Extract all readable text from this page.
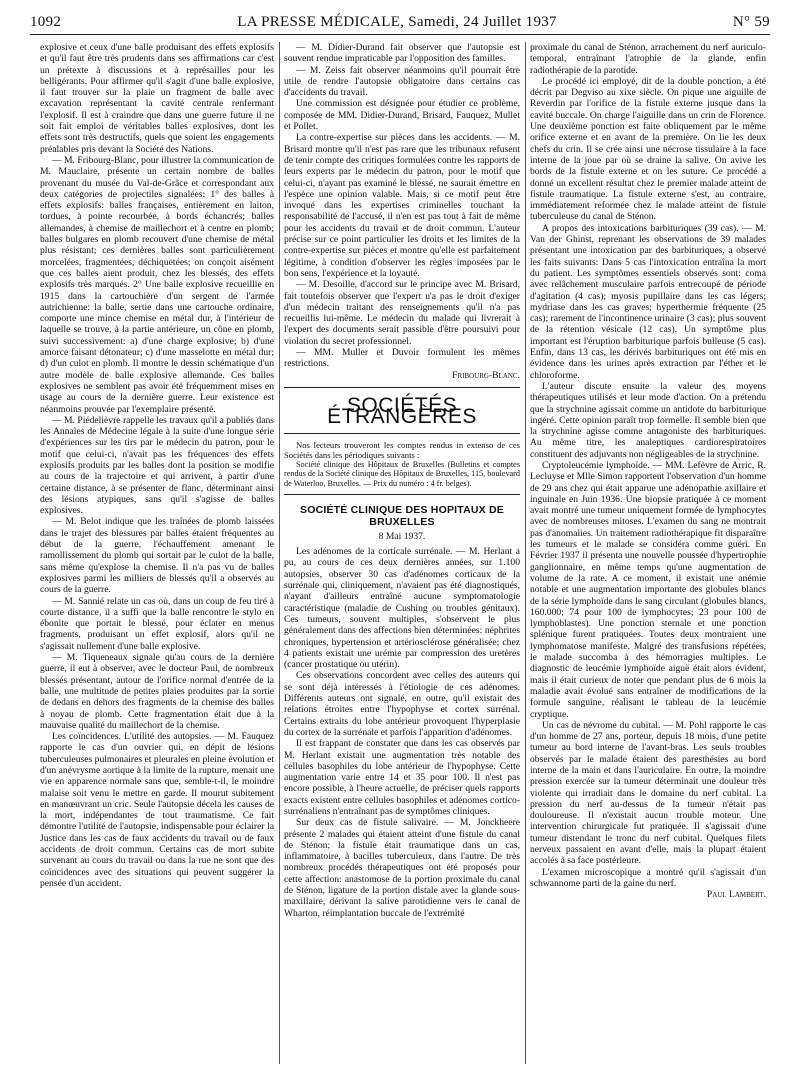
1092	LA PRESSE MÉDICALE, Samedi, 24 Juillet 1937	N° 59

explosive et ceux d'une balle produisant des effets explosifs et qu'il faut être très prudents dans ses affirmations car c'est un prétexte à discussions et à représailles pour les belligérants. Pour affirmer qu'il s'agit d'une balle explosive, il faut trouver sur la plaie un fragment de balle avec excavation représentant la cavité centrale renfermant l'explosif. Il est à craindre que dans une guerre future il ne soit fait emploi de véritables balles explosives, dont les effets sont très destructifs, quels que soient les engagements préalables pris devant la Société des Nations.

— M. Fribourg-Blanc, pour illustrer la communication de M. Mauclaire, présente un certain nombre de balles provenant du musée du Val-de-Grâce et correspondant aux deux catégories de projectiles signalées: 1° des balles à effets explosifs: balles françaises, entièrement en laiton, tordues, à pointe recourbée, à bords échancrés; balles allemandes, à chemise de maillechort et à centre en plomb; balles bulgares en plomb recouvert d'une chemise de métal plus résistant; ces dernières balles sont particulièrement morcelées, fragmentées, déchiquetées; on conçoit aisément que ces balles aient produit, chez les blessés, des effets explosifs très marqués. 2° Une balle explosive recueillie en 1915 dans la cartouchière d'un sergent de l'armée autrichienne: la balle, sertie dans une cartouche ordinaire, comporte une mince chemise en métal dur, à l'intérieur de laquelle se trouve, à la partie antérieure, un cône en plomb, suivi successivement: a) d'une charge explosive; b) d'une amorce faisant détonateur; c) d'une masselotte en métal dur; d) d'un culot en plomb. Il montre le dessin schématique d'un autre modèle de balle explosive allemande. Ces balles explosives ne semblent pas avoir été fréquemment mises en usage au cours de la dernière guerre. Leur existence est néanmoins prouvée par l'exemplaire présenté.

— M. Piédelièvre rappelle les travaux qu'il a publiés dans les Annales de Médecine légale à la suite d'une longue série d'expériences sur les tirs par le médecin du patron, pour le motif que celui-ci, n'avait pas les fréquences des effets explosifs produits par les balles dont la position se modifie au cours de la trajectoire et qui arrivent, à partir d'une certaine distance, à se présenter de flanc, déterminant ainsi des lésions atypiques, sans qu'il s'agisse de balles explosives.

— M. Belot indique que les traînées de plomb laissées dans le trajet des blessures par balles étaient fréquentes au début de la guerre, l'échauffement amenant le ramollissement du plomb qui sortait par le culot de la balle, sans même qu'explose la chemise. Il n'a pas vu de balles explosives parmi les milliers de blessés qu'il a observés au cours de la guerre.

— M. Sannié relate un cas où, dans un coup de feu tiré à courte distance, il a suffi que la balle rencontre le stylo en ébonite que portait le blessé, pour éclater en menus fragments, produisant un effet explosif, alors qu'il ne s'agissait nullement d'une balle explosive.

— M. Tiqueneaux signale qu'au cours de la dernière guerre, il eut à observer, avec le docteur Paul, de nombreux blessés présentant, autour de l'orifice normal d'entrée de la balle, une multitude de petites plaies produites par la sortie de dedans en dehors des fragments de la chemise des balles à noyau de plomb. Cette fragmentation était due à la mauvaise qualité du maillechort de la chemise.

Les coïncidences. L'utilité des autopsies. — M. Fauquez rapporte le cas d'un ouvrier qui, en dépit de lésions tuberculeuses pulmonaires et pleurales en pleine évolution et d'un anévrysme aortique à la limite de la rupture, menait une vie en apparence normale sans que, semble-t-il, le moindre malaise soit venu le mettre en garde. Il mourut subitement en manœuvrant un cric. Seule l'autopsie décela les causes de la mort, indépendantes de tout traumatisme. Ce fait démontre l'utilité de l'autopsie, indispensable pour éclairer la Justice dans les cas de faux accidents du travail ou de faux accidents de droit commun. Certains cas de mort subite survenant au cours du travail ou dans la rue ne sont que des coïncidences avec des situations qui peuvent suggérer la pensée d'un accident.

— M. Didier-Durand fait observer que l'autopsie est souvent rendue impraticable par l'opposition des familles.

— M. Zeiss fait observer néanmoins qu'il pourrait être utile de rendre l'autopsie obligatoire dans certains cas d'accidents du travail.

Une commission est désignée pour étudier ce problème, composée de MM. Didier-Durand, Brisard, Fauquez, Mullet et Pollet.

La contre-expertise sur pièces dans les accidents. — M. Brisard montre qu'il n'est pas rare que les tribunaux refusent de tenir compte des critiques formulées contre les rapports de leurs experts par le médecin du patron, pour le motif que celui-ci, n'ayant pas examiné le blessé, ne saurait émettre en l'espèce une opinion valable. Mais, si ce motif peut être invoqué dans les expertises criminelles touchant la responsabilité de l'accusé, il n'en est pas tout à fait de même pour les accidents du travail et de droit commun. L'auteur précise sur ce point particulier les droits et les limites de la contre-expertise sur pièces et montre qu'elle est parfaitement légitime, à condition d'observer les règles imposées par le bon sens, l'expérience et la loyauté.

— M. Desoille, d'accord sur le principe avec M. Brisard, fait toutefois observer que l'expert n'a pas le droit d'exiger d'un médecin traitant des renseignements qu'il n'a pas recueillis lui-même. Le médecin du malade qui livrerait à l'expert des documents serait passible d'être poursuivi pour violation du secret professionnel.

— MM. Muller et Duvoir formulent les mêmes restrictions.

Fribourg-Blanc.

SOCIÉTÉS ÉTRANGÈRES

Nos lecteurs trouveront les comptes rendus in extenso de ces Sociétés dans les périodiques suivants :

Société clinique des Hôpitaux de Bruxelles (Bulletins et comptes rendus de la Société clinique des Hôpitaux de Bruxelles, 115, boulevard de Waterloo, Bruxelles. — Prix du numéro : 4 fr. belges).

SOCIÉTÉ CLINIQUE DES HOPITAUX DE BRUXELLES
8 Mai 1937.

Les adénomes de la corticale surrénale. — M. Herlant a pu, au cours de ces deux dernières années, sur 1.100 autopsies, observer 30 cas d'adénomes corticaux de la surrénale qui, cliniquement, n'avaient pas été diagnostiqués, n'ayant d'ailleurs entraîné aucune symptomatologie caractéristique (maladie de Cushing ou troubles génitaux). Ces tumeurs, souvent multiples, s'observent le plus généralement dans des affections bien déterminées: néphrites chroniques, hypertension et artériosclérose généralisée; chez 4 patients existait une urémie par compression des uretères (cancer prostatique ou utérin).

Ces observations concordent avec celles des auteurs qui se sont déjà intéressés à l'étiologie de ces adénomes. Différents auteurs ont signalé, en outre, qu'il existait des relations étroites entre l'hypophyse et cortex surrénal. Certains extraits du lobe antérieur provoquent l'hyperplasie du cortex de la surrénale et parfois l'apparition d'adénomes.

Il est frappant de constater que dans les cas observés par M. Herlant existait une augmentation très notable des cellules basophiles du lobe antérieur de l'hypophyse. Cette augmentation varie entre 14 et 35 pour 100. Il n'est pas encore possible, à l'heure actuelle, de préciser quels rapports exacts existent entre cellules basophiles et adénomes cortico-surrénaliens n'entraînant pas de symptômes cliniques.

Sur deux cas de fistule salivaire. — M. Jonckheere présente 2 malades qui étaient atteint d'une fistule du canal de Sténon; la fistule était traumatique dans un cas, inflammatoire, à bacilles tuberculeux, dans l'autre. De très nombreux procédés thérapeutiques ont été proposés pour cette affection: anastomose de la portion proximale du canal de Sténon, ligature de la portion distale avec la glande sous-maxillaire, dérivant la salive parotidienne vers le canal de Wharton, réimplantation buccale de l'extrémité

proximale du canal de Sténon, arrachement du nerf auriculo-temporal, entraînant l'atrophie de la glande, enfin radiothérapie de la parotide.

Le procédé ici employé, dit de la double ponction, a été décrit par Degviso au xixe siècle. On pique une aiguille de Reverdin par l'orifice de la fistule externe jusque dans la cavité buccale. On charge l'aiguille dans un crin de Florence. Une deuxième ponction est faite obliquement par le même orifice externe et en avant de la première. On lie les deux chefs du crin. Il se crée ainsi une nécrose tissulaire à la face interne de la joue par où se draine la salive. On avive les bords de la fistule externe et on les suture. Ce procédé a donné un excellent résultat chez le premier malade atteint de fistule traumatique. La fistule externe s'est, au contraire, immédiatement reformée chez le malade atteint de fistule tuberculeuse du canal de Sténon.

A propos des intoxications barbituriques (39 cas). — M. Van der Ghinst, reprenant les observations de 39 malades présentant une intoxication par des barbituriques, a observé les faits suivants: Dans 5 cas l'intoxication entraîna la mort du patient. Les symptômes essentiels observés sont: coma avec relâchement musculaire parfois entrecoupé de période d'agitation (4 cas); myosis pupillaire dans les cas légers; mydriase dans les cas graves; hyperthermie fréquente (25 cas); rarement de l'incontinence urinaire (3 cas); plus souvent de la rétention vésicale (12 cas). Un symptôme plus important est l'éruption barbiturique parfois bulleuse (5 cas). Enfin, dans 13 cas, les dérivés barbituriques ont été mis en évidence dans les urines après extraction par l'éther et le chloroforme.

L'auteur discute ensuite la valeur des moyens thérapeutiques utilisés et leur mode d'action. On a prétendu que la strychnine agissait comme un antidote du barbiturique ingéré. Cette opinion paraît trop formelle. Il semble bien que la strychnine agisse comme antagoniste des barbituriques. Au même titre, les analeptiques cardiorespiratoires constituent des adjuvants non négligeables de la strychnine.

Cryptoleucémie lymphoïde. — MM. Lefèvre de Arric, R. Lecluyse et Mlle Simon rapportent l'observation d'un homme de 29 ans chez qui était apparue une adénopathie axillaire et inguinale en Juin 1936. Une biopsie pratiquée à ce moment avait montré une tumeur uniquement formée de lymphocytes avec de nombreuses mitoses. L'examen du sang ne montrait pas d'anomalies. Un traitement radiothérapique fit disparaître les tumeurs et le malade se considéra comme guéri. En Février 1937 il présenta une nouvelle poussée d'hypertrophie ganglionnaire, en même temps qu'une augmentation de volume de la rate. A ce moment, il existait une anémie notable et une augmentation importante des globules blancs de la série lymphoïde dans le sang circulant (globules blancs, 160.000; 74 pour 100 de lymphocytes; 23 pour 100 de lymphoblastes). Une ponction sternale et une ponction splénique furent pratiquées. Toutes deux montraient une lymphomatose manifeste. Malgré des transfusions répétées, le malade succomba à des hémorragies multiples. Le diagnostic de leucémie lymphoïde aiguë était alors évident, mais il était curieux de noter que pendant plus de 6 mois la maladie avait évolué sans entraîner de modifications de la formule sanguine, réalisant le tableau de la leucémie cryptique.

Un cas de névrome du cubital. — M. Pohl rapporte le cas d'un homme de 27 ans, porteur, depuis 18 mois, d'une petite tumeur au bord interne de l'avant-bras. Les seuls troubles observés par le malade étaient des paresthésies au bord interne de la main et dans l'auriculaire. En outre, la moindre pression exercée sur la tumeur déterminait une douleur très violente qui irradiait dans le domaine du nerf cubital. La pression du nerf au-dessus de la tumeur n'était pas douloureuse. Il n'existait aucun trouble moteur. Une intervention chirurgicale fut pratiquée. Il s'agissait d'une tumeur distendant le tronc du nerf cubital. Quelques filets nerveux passaient en avant d'elle, mais la plupart étaient accolés à sa face postérieure.

L'examen microscopique a montré qu'il s'agissait d'un schwannome parti de la gaine du nerf.

Paul Lambert.
